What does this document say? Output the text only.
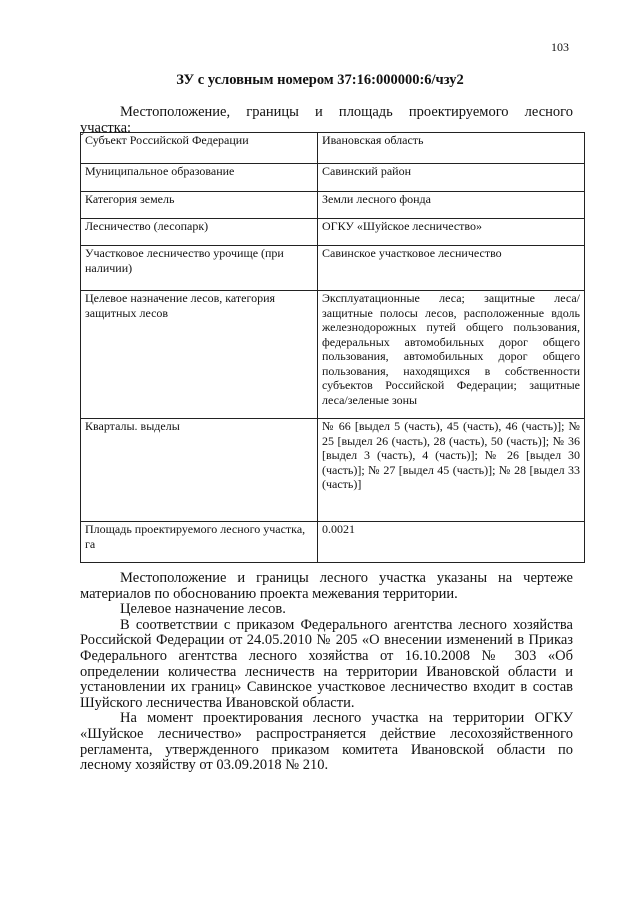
103
ЗУ с условным номером 37:16:000000:6/чзу2
Местоположение, границы и площадь проектируемого лесного
участка:
Субъект Российской Федерации	Ивановская область
Муниципальное образование	Савинский район
Категория земель	Земли лесного фонда
Лесничество (лесопарк)	ОГКУ «Шуйское лесничество»
Участковое лесничество урочище (при наличии)	Савинское участковое лесничество
Целевое назначение лесов, категория защитных лесов	Эксплуатационные леса; защитные леса/ защитные полосы лесов, расположенные вдоль железнодорожных путей общего пользования, федеральных автомобильных дорог общего пользования, автомобильных дорог общего пользования, находящихся в собственности субъектов Российской Федерации; защитные леса/зеленые зоны
Кварталы. выделы	№ 66 [выдел 5 (часть), 45 (часть), 46 (часть)]; № 25 [выдел 26 (часть), 28 (часть), 50 (часть)]; № 36 [выдел 3 (часть), 4 (часть)]; № 26 [выдел 30 (часть)]; № 27 [выдел 45 (часть)]; № 28 [выдел 33 (часть)]
Площадь проектируемого лесного участка, га	0.0021

Местоположение и границы лесного участка указаны на чертеже материалов по обоснованию проекта межевания территории.

Целевое назначение лесов.

В соответствии с приказом Федерального агентства лесного хозяйства Российской Федерации от 24.05.2010 № 205 «О внесении изменений в Приказ Федерального агентства лесного хозяйства от 16.10.2008 № 303 «Об определении количества лесничеств на территории Ивановской области и установлении их границ» Савинское участковое лесничество входит в состав Шуйского лесничества Ивановской области.

На момент проектирования лесного участка на территории ОГКУ «Шуйское лесничество» распространяется действие лесохозяйственного регламента, утвержденного приказом комитета Ивановской области по лесному хозяйству от 03.09.2018 № 210.
